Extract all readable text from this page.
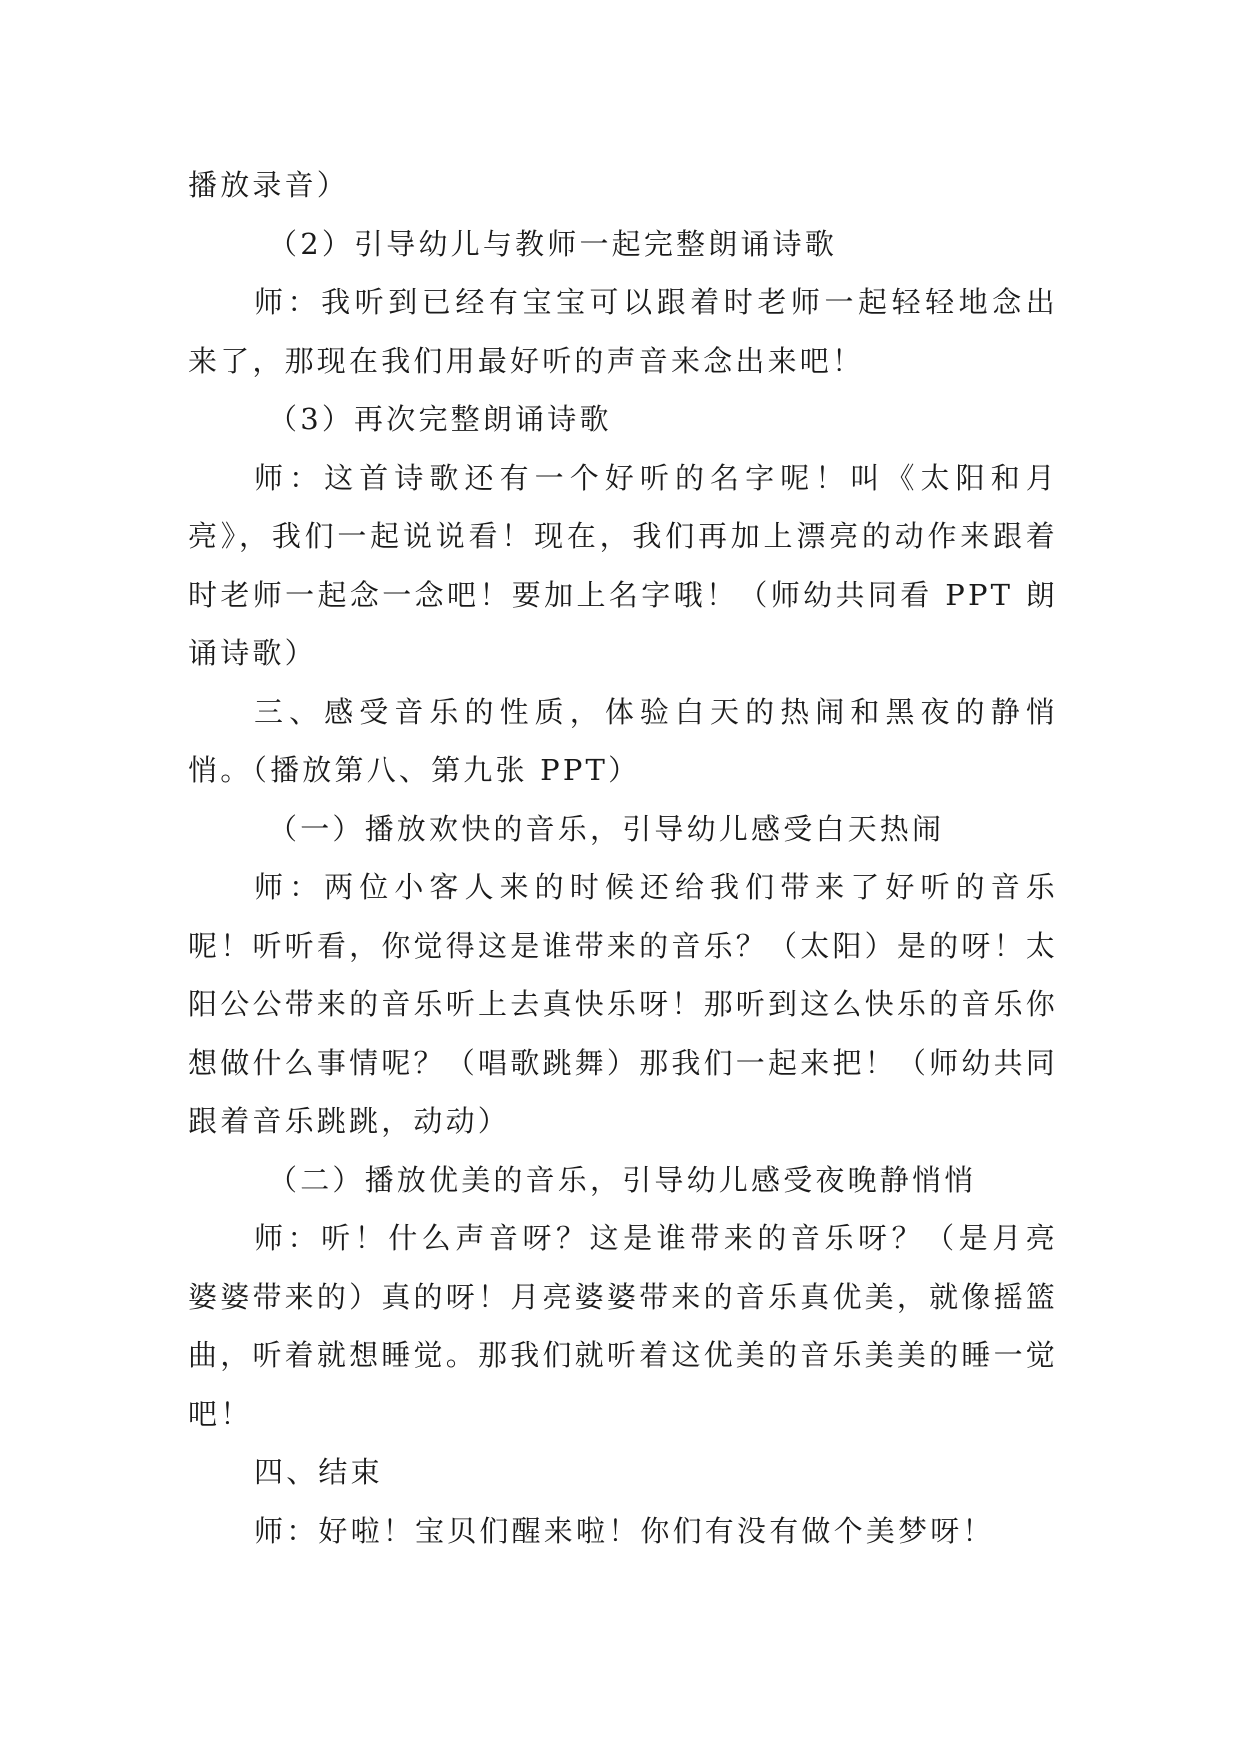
播放录音）

（2）引导幼儿与教师一起完整朗诵诗歌

师：我听到已经有宝宝可以跟着时老师一起轻轻地念出来了，那现在我们用最好听的声音来念出来吧！

（3）再次完整朗诵诗歌

师：这首诗歌还有一个好听的名字呢！叫《太阳和月亮》，我们一起说说看！现在，我们再加上漂亮的动作来跟着时老师一起念一念吧！要加上名字哦！（师幼共同看 PPT 朗诵诗歌）

三、感受音乐的性质，体验白天的热闹和黑夜的静悄悄。（播放第八、第九张 PPT）

（一）播放欢快的音乐，引导幼儿感受白天热闹

师：两位小客人来的时候还给我们带来了好听的音乐呢！听听看，你觉得这是谁带来的音乐？（太阳）是的呀！太阳公公带来的音乐听上去真快乐呀！那听到这么快乐的音乐你想做什么事情呢？（唱歌跳舞）那我们一起来把！（师幼共同跟着音乐跳跳，动动）

（二）播放优美的音乐，引导幼儿感受夜晚静悄悄

师：听！什么声音呀？这是谁带来的音乐呀？（是月亮婆婆带来的）真的呀！月亮婆婆带来的音乐真优美，就像摇篮曲，听着就想睡觉。那我们就听着这优美的音乐美美的睡一觉吧！

四、结束

师：好啦！宝贝们醒来啦！你们有没有做个美梦呀！
